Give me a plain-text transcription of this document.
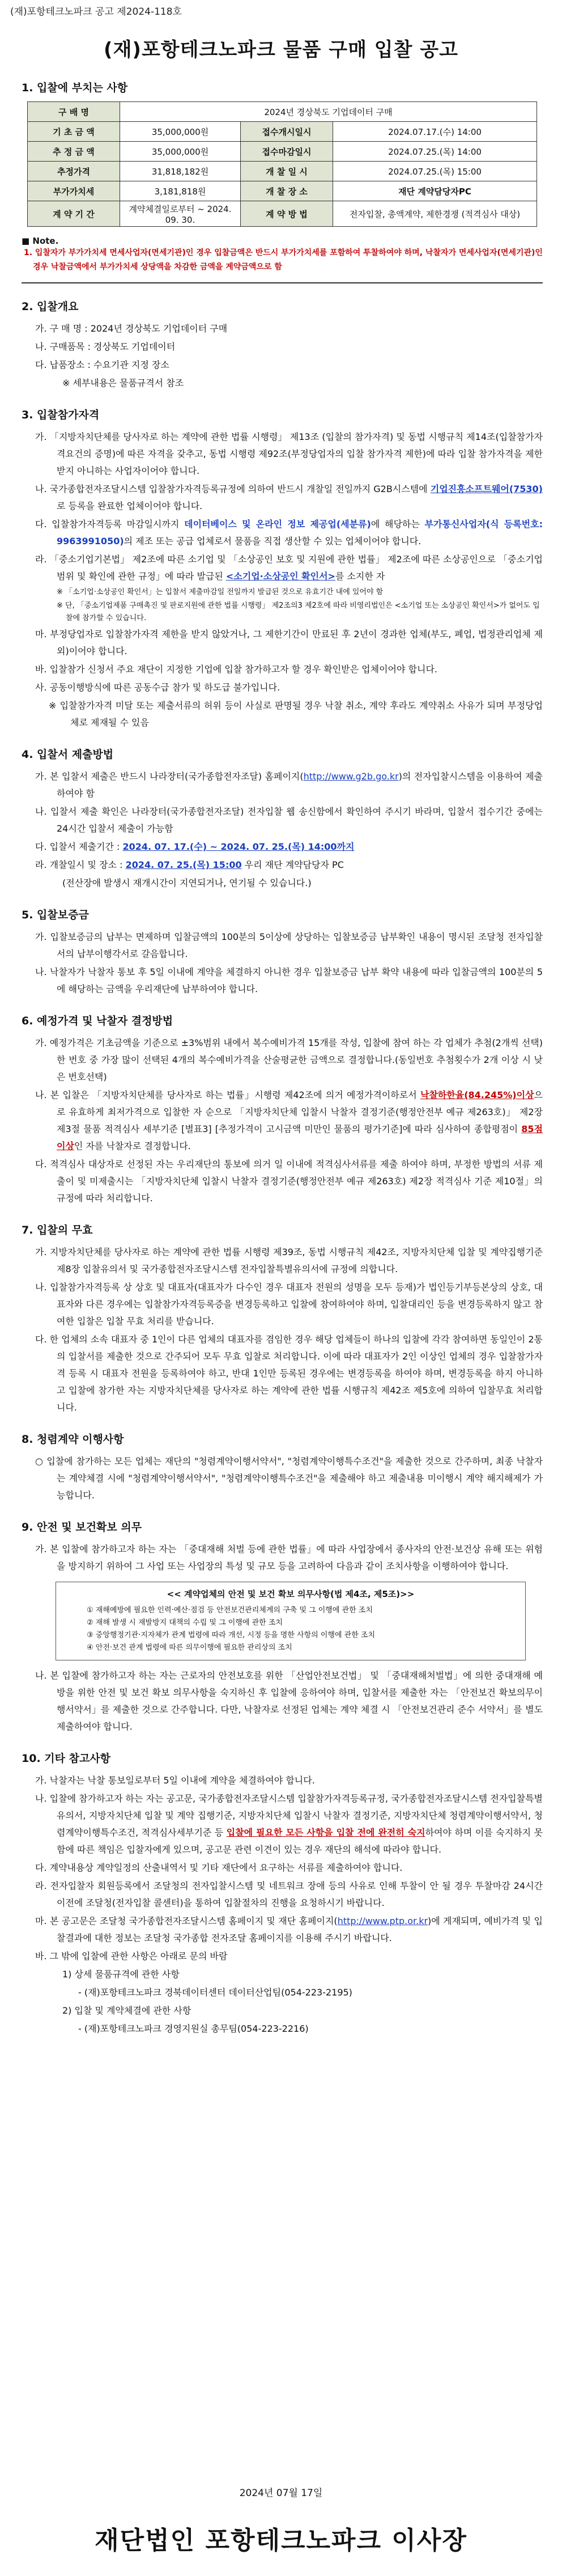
(재)포항테크노파크 공고 제2024-118호
(재)포항테크노파크 물품 구매 입찰 공고
1. 입찰에 부치는 사항
구 배 명	2024년 경상북도 기업데이터 구매		
기 초 금 액	35,000,000원	접수개시일시	2024.07.17.(수) 14:00
추 정 금 액	35,000,000원	접수마감일시	2024.07.25.(목) 14:00
추정가격	31,818,182원	개 찰 일 시	2024.07.25.(목) 15:00
부가가치세	3,181,818원	개 찰 장 소	재단 계약담당자PC
계 약 기 간	계약체결일로부터 ~ 2024. 09. 30.	계 약 방 법	전자입찰, 총액계약, 제한경쟁 (적격심사 대상)
■ Note.
1. 입찰자가 부가가치세 면세사업자(면세기관)인 경우 입찰금액은 반드시 부가가치세를 포함하여 투찰하여야 하며, 낙찰자가 면세사업자(면세기관)인 경우 낙찰금액에서 부가가치세 상당액을 차감한 금액을 계약금액으로 함
2. 입찰개요
가. 구 매 명 : 2024년 경상북도 기업데이터 구매
나. 구매품목 : 경상북도 기업데이터
다. 납품장소 : 수요기관 지정 장소
※ 세부내용은 물품규격서 참조
3. 입찰참가자격
가. 「지방자치단체를 당사자로 하는 계약에 관한 법률 시행령」 제13조 (입찰의 참가자격) 및 동법 시행규칙 제14조(입찰참가자격요건의 증명)에 따른 자격을 갖추고, 동법 시행령 제92조(부정당업자의 입찰 참가자격 제한)에 따라 입찰 참가자격을 제한받지 아니하는 사업자이어야 합니다.
나. 국가종합전자조달시스템 입찰참가자격등록규정에 의하여 반드시 개찰일 전일까지 G2B시스템에 기업진흥소프트웨어(7530)로 등록을 완료한 업체이어야 합니다.
다. 입찰참가자격등록 마감일시까지 데이터베이스 및 온라인 정보 제공업(세분류)에 해당하는 부가통신사업자(식 등록번호: 9963991050)의 제조 또는 공급 업체로서 물품을 직접 생산할 수 있는 업체이어야 합니다.
라. 「중소기업기본법」 제2조에 따른 소기업 및 「소상공인 보호 및 지원에 관한 법률」 제2조에 따른 소상공인으로 「중소기업 범위 및 확인에 관한 규정」에 따라 발급된 <소기업·소상공인 확인서>를 소지한 자
※ 「소기업·소상공인 확인서」는 입찰서 제출마감일 전일까지 발급된 것으로 유효기간 내에 있어야 함
※ 단, 「중소기업제품 구매촉진 및 판로지원에 관한 법률 시행령」 제2조의3 제2호에 따라 비영리법인은 <소기업 또는 소상공인 확인서>가 없어도 입찰에 참가할 수 있습니다.
마. 부정당업자로 입찰참가자격 제한을 받지 않았거나, 그 제한기간이 만료된 후 2년이 경과한 업체(부도, 폐업, 법정관리업체 제외)이어야 합니다.
바. 입찰참가 신청서 주요 재단이 지정한 기업에 입찰 참가하고자 할 경우 확인받은 업체이어야 합니다.
사. 공동이행방식에 따른 공동수급 참가 및 하도급 불가입니다.
※ 입찰참가자격 미달 또는 제출서류의 허위 등이 사실로 판명될 경우 낙찰 취소, 계약 후라도 계약취소 사유가 되며 부정당업체로 제재될 수 있음
4. 입찰서 제출방법
가. 본 입찰서 제출은 반드시 나라장터(국가종합전자조달) 홈페이지(http://www.g2b.go.kr)의 전자입찰시스템을 이용하여 제출하여야 함
나. 입찰서 제출 확인은 나라장터(국가종합전자조달) 전자입찰 웹 송신함에서 확인하여 주시기 바라며, 입찰서 접수기간 중에는 24시간 입찰서 제출이 가능함
다. 입찰서 제출기간 : 2024. 07. 17.(수) ~ 2024. 07. 25.(목) 14:00까지
라. 개찰일시 및 장소 : 2024. 07. 25.(목) 15:00 우리 재단 계약담당자 PC
(전산장애 발생시 재개시간이 지연되거나, 연기될 수 있습니다.)
5. 입찰보증금
가. 입찰보증금의 납부는 면제하며 입찰금액의 100분의 5이상에 상당하는 입찰보증금 납부확인 내용이 명시된 조달청 전자입찰서의 납부이행각서로 갈음합니다.
나. 낙찰자가 낙찰자 통보 후 5일 이내에 계약을 체결하지 아니한 경우 입찰보증금 납부 확약 내용에 따라 입찰금액의 100분의 5에 해당하는 금액을 우리재단에 납부하여야 합니다.
6. 예정가격 및 낙찰자 결정방법
가. 예정가격은 기초금액을 기준으로 ±3%범위 내에서 복수예비가격 15개를 작성, 입찰에 참여 하는 각 업체가 추첨(2개씩 선택)한 번호 중 가장 많이 선택된 4개의 복수예비가격을 산술평균한 금액으로 결정합니다.(동일번호 추첨횟수가 2개 이상 시 낮은 번호선택)
나. 본 입찰은 「지방자치단체를 당사자로 하는 법률」시행령 제42조에 의거 예정가격이하로서 낙찰하한율(84.245%)이상으로 유효하게 최저가격으로 입찰한 자 순으로 「지방자치단체 입찰시 낙찰자 결정기준(행정안전부 예규 제263호)」 제2장 제3절 물품 적격심사 세부기준 [별표3] [추정가격이 고시금액 미만인 물품의 평가기준]에 따라 심사하여 종합평점이 85점 이상인 자를 낙찰자로 결정합니다.
다. 적격심사 대상자로 선정된 자는 우리재단의 통보에 의거 일 이내에 적격심사서류를 제출 하여야 하며, 부정한 방법의 서류 제출이 및 미제출시는 「지방자치단체 입찰시 낙찰자 결정기준(행정안전부 예규 제263호) 제2장 적격심사 기준 제10절」의 규정에 따라 처리합니다.
7. 입찰의 무효
가. 지방자치단체를 당사자로 하는 계약에 관한 법률 시행령 제39조, 동법 시행규칙 제42조, 지방자치단체 입찰 및 계약집행기준 제8장 입찰유의서 및 국가종합전자조달시스템 전자입찰특별유의서에 규정에 의합니다.
나. 입찰참가자격등록 상 상호 및 대표자(대표자가 다수인 경우 대표자 전원의 성명을 모두 등재)가 법인등기부등본상의 상호, 대표자와 다른 경우에는 입찰참가자격등록증을 변경등록하고 입찰에 참여하여야 하며, 입찰대리인 등을 변경등록하지 않고 참여한 입찰은 입찰 무효 처리를 받습니다.
다. 한 업체의 소속 대표자 중 1인이 다른 업체의 대표자를 겸임한 경우 해당 업체들이 하나의 입찰에 각각 참여하면 동일인이 2통의 입찰서를 제출한 것으로 간주되어 모두 무효 입찰로 처리합니다. 이에 따라 대표자가 2인 이상인 업체의 경우 입찰참가자격 등록 시 대표자 전원을 등록하여야 하고, 반대 1인만 등록된 경우에는 변경등록을 하여야 하며, 변경등록을 하지 아니하고 입찰에 참가한 자는 지방자치단체를 당사자로 하는 계약에 관한 법률 시행규칙 제42조 제5호에 의하여 입찰무효 처리합니다.
8. 청렴계약 이행사항
○ 입찰에 참가하는 모든 업체는 재단의 "청렴계약이행서약서", "청렴계약이행특수조건"을 제출한 것으로 간주하며, 최종 낙찰자는 계약체결 시에 "청렴계약이행서약서", "청렴계약이행특수조건"을 제출해야 하고 제출내용 미이행시 계약 해지해제가 가능합니다.
9. 안전 및 보건확보 의무
가. 본 입찰에 참가하고자 하는 자는 「중대재해 처벌 등에 관한 법률」에 따라 사업장에서 종사자의 안전·보건상 유해 또는 위험을 방지하기 위하여 그 사업 또는 사업장의 특성 및 규모 등을 고려하여 다음과 같이 조치사항을 이행하여야 합니다.
<< 계약업체의 안전 및 보건 확보 의무사항(법 제4조, 제5조)>>
① 재해예방에 필요한 인력·예산·점검 등 안전보건관리체계의 구축 및 그 이행에 관한 조치
② 재해 발생 시 재발방지 대책의 수립 및 그 이행에 관한 조치
③ 중앙행정기관·지자체가 관계 법령에 따라 개선, 시정 등을 명한 사항의 이행에 관한 조치
④ 안전·보건 관계 법령에 따른 의무이행에 필요한 관리상의 조치
나. 본 입찰에 참가하고자 하는 자는 근로자의 안전보호를 위한 「산업안전보건법」 및 「중대재해처벌법」에 의한 중대재해 예방을 위한 안전 및 보건 확보 의무사항을 숙지하신 후 입찰에 응하여야 하며, 입찰서를 제출한 자는 「안전보건 확보의무이행서약서」를 제출한 것으로 간주합니다. 다만, 낙찰자로 선정된 업체는 계약 체결 시 「안전보건관리 준수 서약서」를 별도 제출하여야 합니다.
10. 기타 참고사항
가. 낙찰자는 낙찰 통보일로부터 5일 이내에 계약을 체결하여야 합니다.
나. 입찰에 참가하고자 하는 자는 공고문, 국가종합전자조달시스템 입찰참가자격등록규정, 국가종합전자조달시스템 전자입찰특별유의서, 지방자치단체 입찰 및 계약 집행기준, 지방자치단체 입찰시 낙찰자 결정기준, 지방자치단체 청렴계약이행서약서, 청렴계약이행특수조건, 적격심사세부기준 등 입찰에 필요한 모든 사항을 입찰 전에 완전히 숙지하여야 하며 이를 숙지하지 못함에 따른 책임은 입찰자에게 있으며, 공고문 관련 이견이 있는 경우 재단의 해석에 따라야 합니다.
다. 계약내용상 계약일정의 산출내역서 및 기타 재단에서 요구하는 서류를 제출하여야 합니다.
라. 전자입찰자 회원등록에서 조달청의 전자입찰시스템 및 네트워크 장애 등의 사유로 인해 투찰이 안 될 경우 투찰마감 24시간 이전에 조달청(전자입찰 콜센터)을 통하여 입찰절차의 진행을 요청하시기 바랍니다.
마. 본 공고문은 조달청 국가종합전자조달시스템 홈페이지 및 재단 홈페이지(http://www.ptp.or.kr)에 게재되며, 예비가격 및 입찰결과에 대한 정보는 조달청 국가종합 전자조달 홈페이지를 이용해 주시기 바랍니다.
바. 그 밖에 입찰에 관한 사항은 아래로 문의 바람
1) 상세 물품규격에 관한 사항
- (재)포항테크노파크 경북데이터센터 데이터산업팀(054-223-2195)
2) 입찰 및 계약체결에 관한 사항
- (재)포항테크노파크 경영지원실 총무팀(054-223-2216)
2024년 07월 17일
재단법인 포항테크노파크 이사장
